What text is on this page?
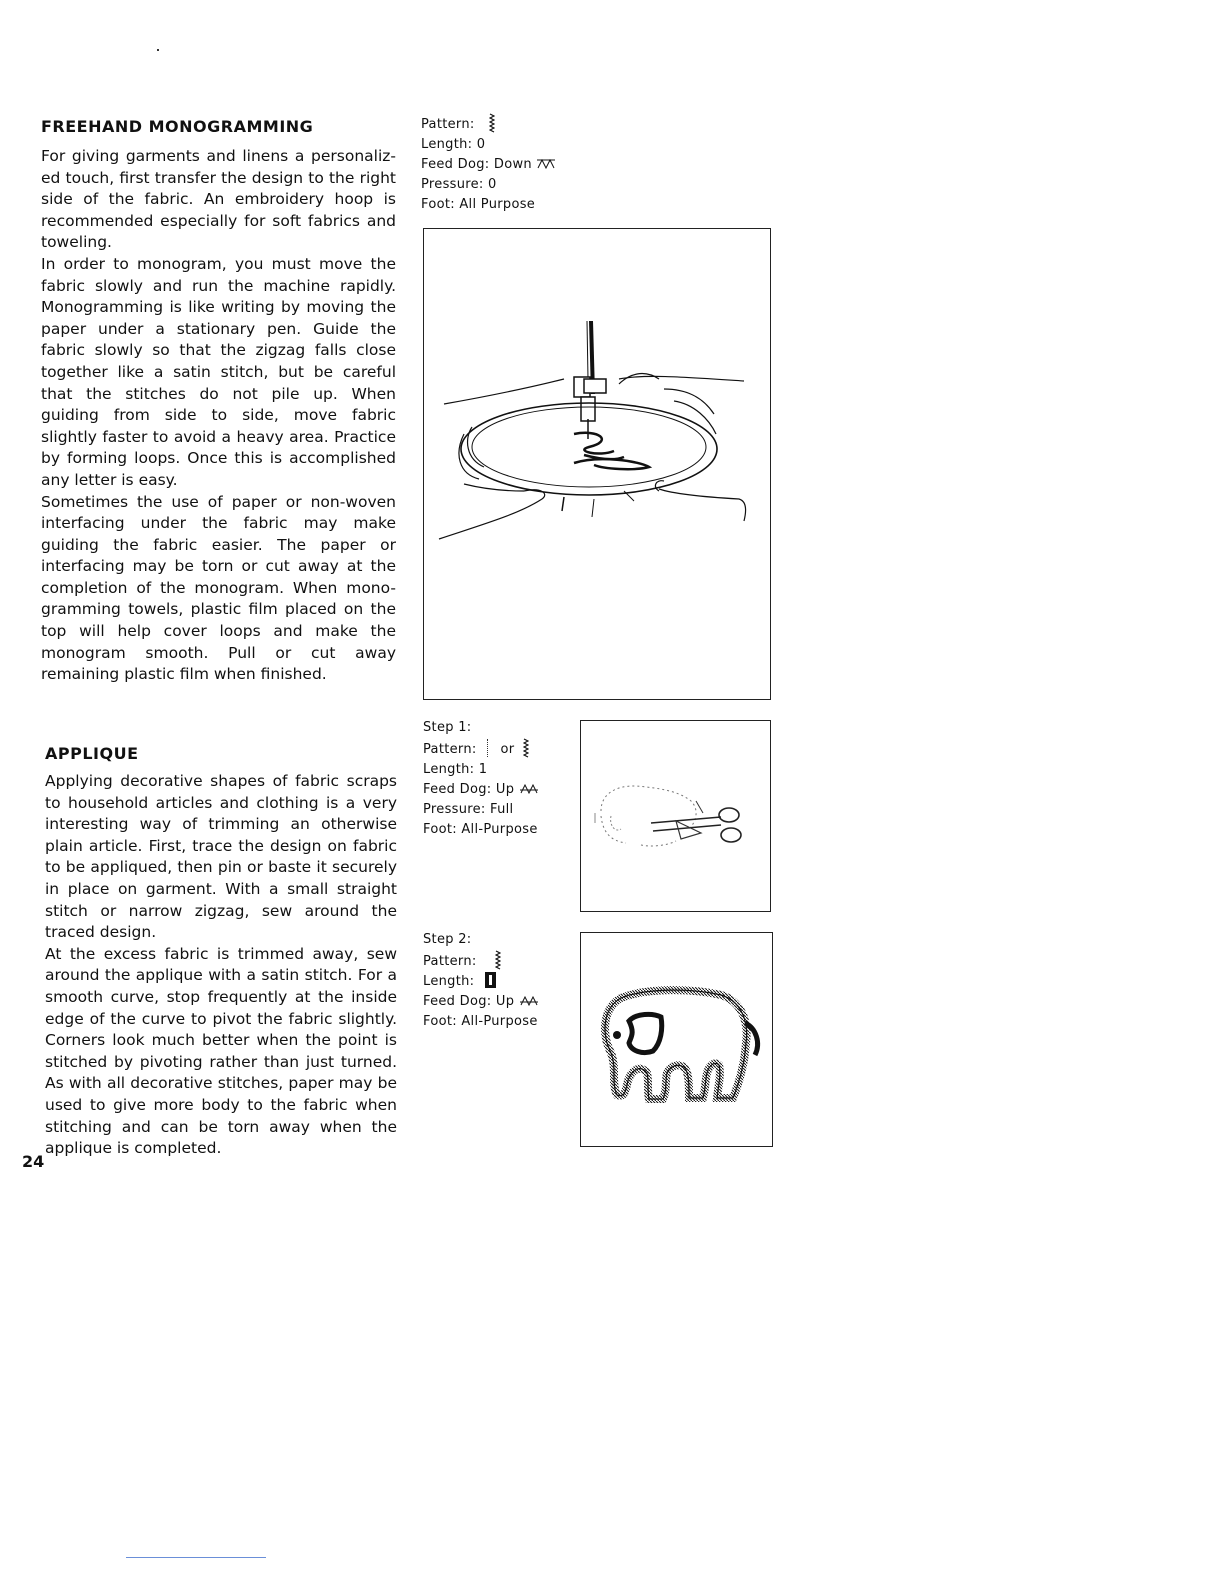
FREEHAND MONOGRAMMING

For giving garments and linens a personaliz-ed touch, first transfer the design to the right side of the fabric. An embroidery hoop is recommended especially for soft fabrics and toweling.

In order to monogram, you must move the fabric slowly and run the machine rapidly. Monogramming is like writing by moving the paper under a stationary pen. Guide the fabric slowly so that the zigzag falls close together like a satin stitch, but be careful that the stitches do not pile up. When guiding from side to side, move fabric slightly faster to avoid a heavy area. Practice by forming loops. Once this is accomplished any letter is easy.

Sometimes the use of paper or non-woven interfacing under the fabric may make guiding the fabric easier. The paper or interfacing may be torn or cut away at the completion of the monogram. When mono-gramming towels, plastic film placed on the top will help cover loops and make the monogram smooth. Pull or cut away remaining plastic film when finished.

Pattern:
Length: 0
Feed Dog: Down
Pressure: 0
Foot: All Purpose
APPLIQUE

Applying decorative shapes of fabric scraps to household articles and clothing is a very interesting way of trimming an otherwise plain article. First, trace the design on fabric to be appliqued, then pin or baste it securely in place on garment. With a small straight stitch or narrow zigzag, sew around the traced design.

At the excess fabric is trimmed away, sew around the applique with a satin stitch. For a smooth curve, stop frequently at the inside edge of the curve to pivot the fabric slightly. Corners look much better when the point is stitched by pivoting rather than just turned. As with all decorative stitches, paper may be used to give more body to the fabric when stitching and can be torn away when the applique is completed.

24
Step 1:
Pattern: or
Length: 1
Feed Dog: Up
Pressure: Full
Foot: All-Purpose
Step 2:
Pattern:
Length:
Feed Dog: Up
Foot: All-Purpose
